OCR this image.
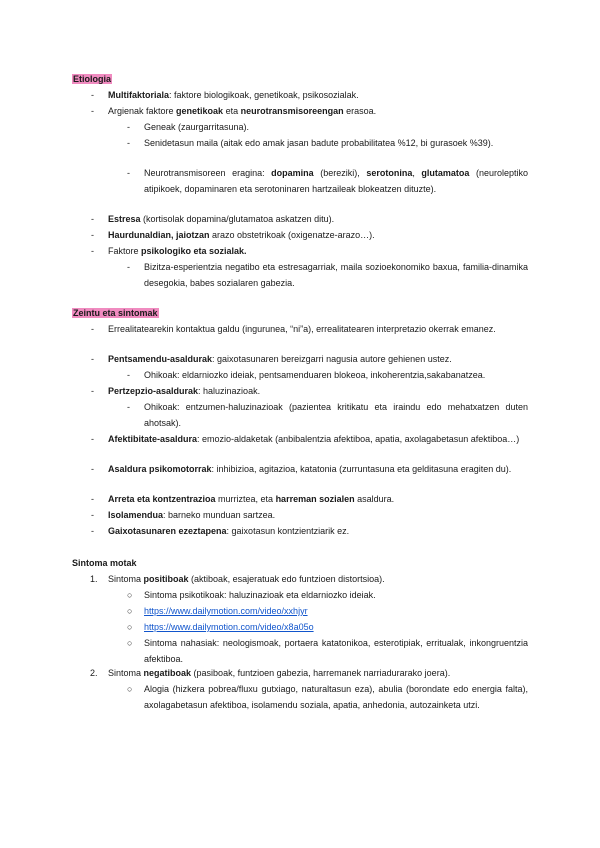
Etiologia
- Multifaktoriala: faktore biologikoak, genetikoak, psikosozialak.
- Argienak faktore genetikoak eta neurotransmisoreengan erasoa.
- Geneak (zaurgarritasuna).
- Senidetasun maila (aitak edo amak jasan badute probabilitatea %12, bi gurasoek %39).
- Neurotransmisoreen eragina: dopamina (bereziki), serotonina, glutamatoa (neuroleptiko atipikoek, dopaminaren eta serotoninaren hartzaileak blokeatzen dituzte).
- Estresa (kortisolak dopamina/glutamatoa askatzen ditu).
- Haurdunaldian, jaiotzan arazo obstetrikoak (oxigenatze-arazo…).
- Faktore psikologiko eta sozialak.
- Bizitza-esperientzia negatibo eta estresagarriak, maila sozioekonomiko baxua, familia-dinamika desegokia, babes sozialaren gabezia.
Zeintu eta sintomak
- Errealitatearekin kontaktua galdu (ingurunea, “ni”a), errealitatearen interpretazio okerrak emanez.
- Pentsamendu-asaldurak: gaixotasunaren bereizgarri nagusia autore gehienen ustez.
- Ohikoak: eldarniozko ideiak, pentsamenduaren blokeoa, inkoherentzia,sakabanatzea.
- Pertzepzio-asaldurak: haluzinazioak.
- Ohikoak: entzumen-haluzinazioak (pazientea kritikatu eta iraindu edo mehatxatzen duten ahotsak).
- Afektibitate-asaldura: emozio-aldaketak (anbibalentzia afektiboa, apatia, axolagabetasun afektiboa…)
- Asaldura psikomotorrak: inhibizioa, agitazioa, katatonia (zurruntasuna eta gelditasuna eragiten du).
- Arreta eta kontzentrazioa murriztea, eta harreman sozialen asaldura.
- Isolamendua: barneko munduan sartzea.
- Gaixotasunaren ezeztapena: gaixotasun kontzientziarik ez.
Sintoma motak
1. Sintoma positiboak (aktiboak, esajeratuak edo funtzioen distortsioa).
○ Sintoma psikotikoak: haluzinazioak eta eldarniozko ideiak.
○ https://www.dailymotion.com/video/xxhjyr
○ https://www.dailymotion.com/video/x8a05o
○ Sintoma nahasiak: neologismoak, portaera katatonikoa, esterotipiak, erritualak, inkongruentzia afektiboa.
2. Sintoma negatiboak (pasiboak, funtzioen gabezia, harremanek narriadurarako joera).
○ Alogia (hizkera pobrea/fluxu gutxiago, naturaltasun eza), abulia (borondate edo energia falta), axolagabetasun afektiboa, isolamendu soziala, apatia, anhedonia, autozainketa utzi.
